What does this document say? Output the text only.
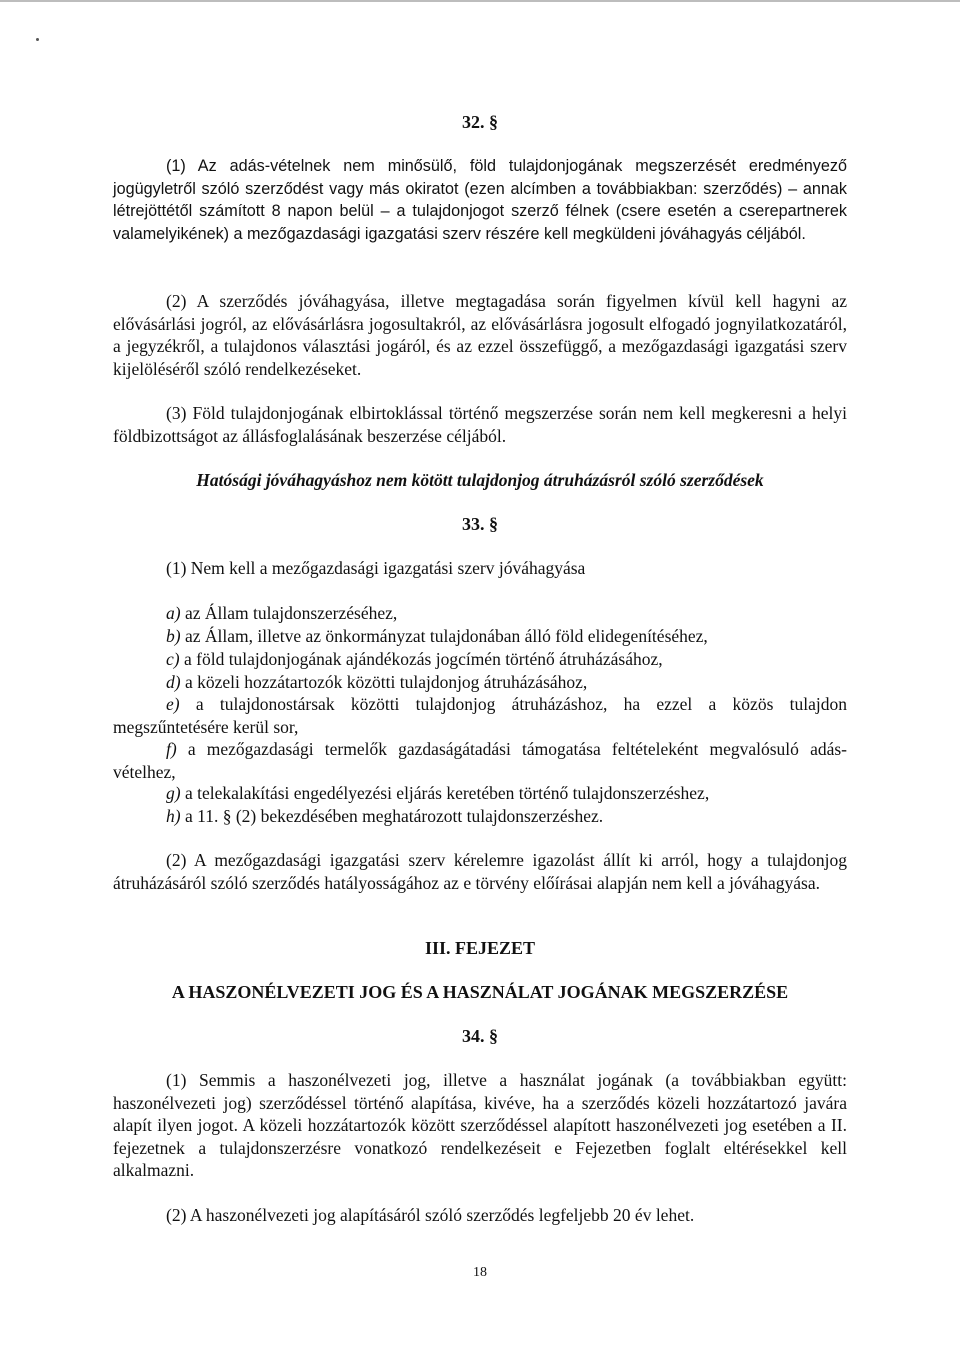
32. §

(1) Az adás-vételnek nem minősülő, föld tulajdonjogának megszerzését eredményező jogügyletről szóló szerződést vagy más okiratot (ezen alcímben a továbbiakban: szerződés) – annak létrejöttétől számított 8 napon belül – a tulajdonjogot szerző félnek (csere esetén a cserepartnerek valamelyikének) a mezőgazdasági igazgatási szerv részére kell megküldeni jóváhagyás céljából.

(2) A szerződés jóváhagyása, illetve megtagadása során figyelmen kívül kell hagyni az elővásárlási jogról, az elővásárlásra jogosultakról, az elővásárlásra jogosult elfogadó jognyilatkozatáról, a jegyzékről, a tulajdonos választási jogáról, és az ezzel összefüggő, a mezőgazdasági igazgatási szerv kijelöléséről szóló rendelkezéseket.

(3) Föld tulajdonjogának elbirtoklással történő megszerzése során nem kell megkeresni a helyi földbizottságot az állásfoglalásának beszerzése céljából.

Hatósági jóváhagyáshoz nem kötött tulajdonjog átruházásról szóló szerződések
33. §

(1) Nem kell a mezőgazdasági igazgatási szerv jóváhagyása

a) az Állam tulajdonszerzéséhez,
b) az Állam, illetve az önkormányzat tulajdonában álló föld elidegenítéséhez,
c) a föld tulajdonjogának ajándékozás jogcímén történő átruházásához,
d) a közeli hozzátartozók közötti tulajdonjog átruházásához,
e) a tulajdonostársak közötti tulajdonjog átruházáshoz, ha ezzel a közös tulajdon megszűntetésére kerül sor,
f) a mezőgazdasági termelők gazdaságátadási támogatása feltételeként megvalósuló adás-vételhez,
g) a telekalakítási engedélyezési eljárás keretében történő tulajdonszerzéshez,
h) a 11. § (2) bekezdésében meghatározott tulajdonszerzéshez.

(2) A mezőgazdasági igazgatási szerv kérelemre igazolást állít ki arról, hogy a tulajdonjog átruházásáról szóló szerződés hatályosságához az e törvény előírásai alapján nem kell a jóváhagyása.

III. FEJEZET
A HASZONÉLVEZETI JOG ÉS A HASZNÁLAT JOGÁNAK MEGSZERZÉSE
34. §

(1) Semmis a haszonélvezeti jog, illetve a használat jogának (a továbbiakban együtt: haszonélvezeti jog) szerződéssel történő alapítása, kivéve, ha a szerződés közeli hozzátartozó javára alapít ilyen jogot. A közeli hozzátartozók között szerződéssel alapított haszonélvezeti jog esetében a II. fejezetnek a tulajdonszerzésre vonatkozó rendelkezéseit e Fejezetben foglalt eltérésekkel kell alkalmazni.

(2) A haszonélvezeti jog alapításáról szóló szerződés legfeljebb 20 év lehet.

18
